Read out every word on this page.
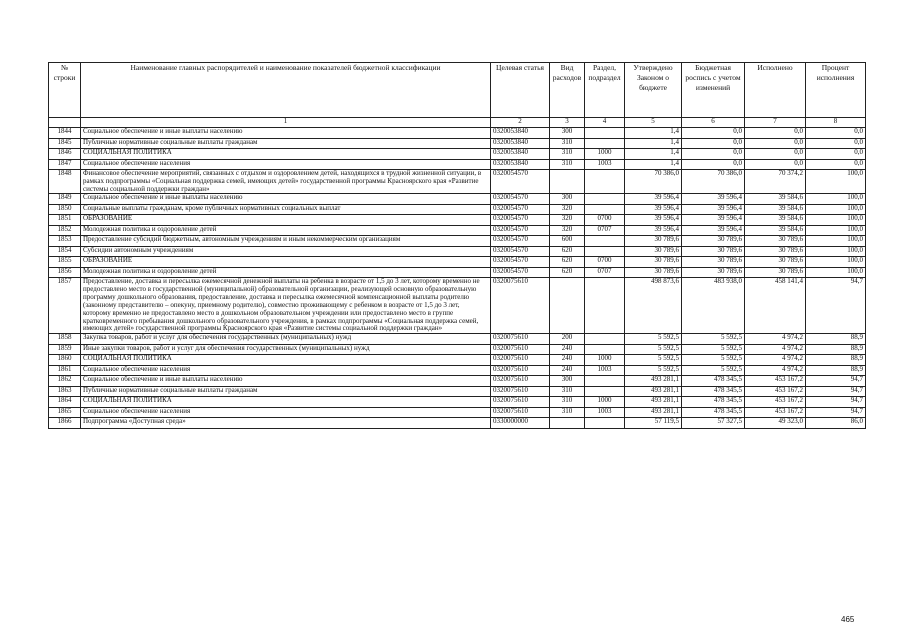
№ строки	Наименование главных распорядителей и наименование показателей бюджетной классификации	Целевая статья	Вид расходов	Раздел, подраздел	Утверждено Законом о бюджете	Бюджетная роспись с учетом изменений	Исполнено	Процент исполнения
	1	2	3	4	5	6	7	8
1844	Социальное обеспечение и иные выплаты населению	0320053840	300		1,4	0,0	0,0	0,0
1845	Публичные нормативные социальные выплаты гражданам	0320053840	310		1,4	0,0	0,0	0,0
1846	СОЦИАЛЬНАЯ ПОЛИТИКА	0320053840	310	1000	1,4	0,0	0,0	0,0
1847	Социальное обеспечение населения	0320053840	310	1003	1,4	0,0	0,0	0,0
1848	Финансовое обеспечение мероприятий, связанных с отдыхом и оздоровлением детей, находящихся в трудной жизненной ситуации, в рамках подпрограммы «Социальная поддержка семей, имеющих детей» государственной программы Красноярского края «Развитие системы социальной поддержки граждан»	0320054570			70 386,0	70 386,0	70 374,2	100,0
1849	Социальное обеспечение и иные выплаты населению	0320054570	300		39 596,4	39 596,4	39 584,6	100,0
1850	Социальные выплаты гражданам, кроме публичных нормативных социальных выплат	0320054570	320		39 596,4	39 596,4	39 584,6	100,0
1851	ОБРАЗОВАНИЕ	0320054570	320	0700	39 596,4	39 596,4	39 584,6	100,0
1852	Молодежная политика и оздоровление детей	0320054570	320	0707	39 596,4	39 596,4	39 584,6	100,0
1853	Предоставление субсидий бюджетным, автономным учреждениям и иным некоммерческим организациям	0320054570	600		30 789,6	30 789,6	30 789,6	100,0
1854	Субсидии автономным учреждениям	0320054570	620		30 789,6	30 789,6	30 789,6	100,0
1855	ОБРАЗОВАНИЕ	0320054570	620	0700	30 789,6	30 789,6	30 789,6	100,0
1856	Молодежная политика и оздоровление детей	0320054570	620	0707	30 789,6	30 789,6	30 789,6	100,0
1857	Предоставление, доставка и пересылка ежемесячной денежной выплаты на ребенка в возрасте от 1,5 до 3 лет, которому временно не предоставлено место в государственной (муниципальной) образовательной организации, реализующей основную образовательную программу дошкольного образования, предоставление, доставка и пересылка ежемесячной компенсационной выплаты родителю (законному представителю – опекуну, приемному родителю), совместно проживающему с ребенком в возрасте от 1,5 до 3 лет, которому временно не предоставлено место в дошкольном образовательном учреждении или предоставлено место в группе кратковременного пребывания дошкольного образовательного учреждения, в рамках подпрограммы «Социальная поддержка семей, имеющих детей» государственной программы Красноярского края «Развитие системы социальной поддержки граждан»	0320075610			498 873,6	483 938,0	458 141,4	94,7
1858	Закупка товаров, работ и услуг для обеспечения государственных (муниципальных) нужд	0320075610	200		5 592,5	5 592,5	4 974,2	88,9
1859	Иные закупки товаров, работ и услуг для обеспечения государственных (муниципальных) нужд	0320075610	240		5 592,5	5 592,5	4 974,2	88,9
1860	СОЦИАЛЬНАЯ ПОЛИТИКА	0320075610	240	1000	5 592,5	5 592,5	4 974,2	88,9
1861	Социальное обеспечение населения	0320075610	240	1003	5 592,5	5 592,5	4 974,2	88,9
1862	Социальное обеспечение и иные выплаты населению	0320075610	300		493 281,1	478 345,5	453 167,2	94,7
1863	Публичные нормативные социальные выплаты гражданам	0320075610	310		493 281,1	478 345,5	453 167,2	94,7
1864	СОЦИАЛЬНАЯ ПОЛИТИКА	0320075610	310	1000	493 281,1	478 345,5	453 167,2	94,7
1865	Социальное обеспечение населения	0320075610	310	1003	493 281,1	478 345,5	453 167,2	94,7
1866	Подпрограмма «Доступная среда»	0330000000			57 119,5	57 327,5	49 323,0	86,0
465
